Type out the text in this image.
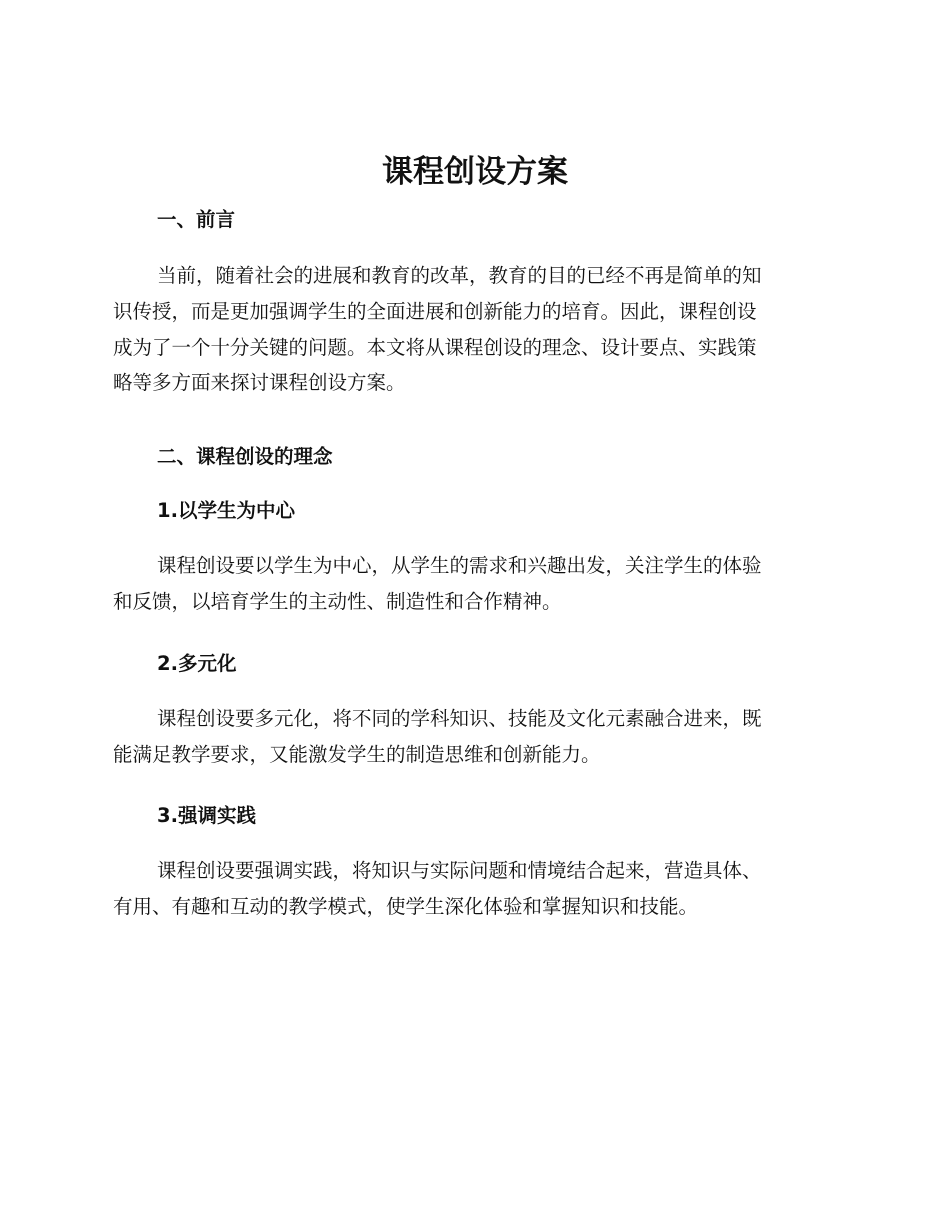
课程创设方案
一、前言

当前，随着社会的进展和教育的改革，教育的目的已经不再是简单的知
识传授，而是更加强调学生的全面进展和创新能力的培育。因此，课程创设
成为了一个十分关键的问题。本文将从课程创设的理念、设计要点、实践策
略等多方面来探讨课程创设方案。

二、课程创设的理念
1.以学生为中心

课程创设要以学生为中心，从学生的需求和兴趣出发，关注学生的体验
和反馈，以培育学生的主动性、制造性和合作精神。

2.多元化

课程创设要多元化，将不同的学科知识、技能及文化元素融合进来，既
能满足教学要求，又能激发学生的制造思维和创新能力。

3.强调实践

课程创设要强调实践，将知识与实际问题和情境结合起来，营造具体、
有用、有趣和互动的教学模式，使学生深化体验和掌握知识和技能。
